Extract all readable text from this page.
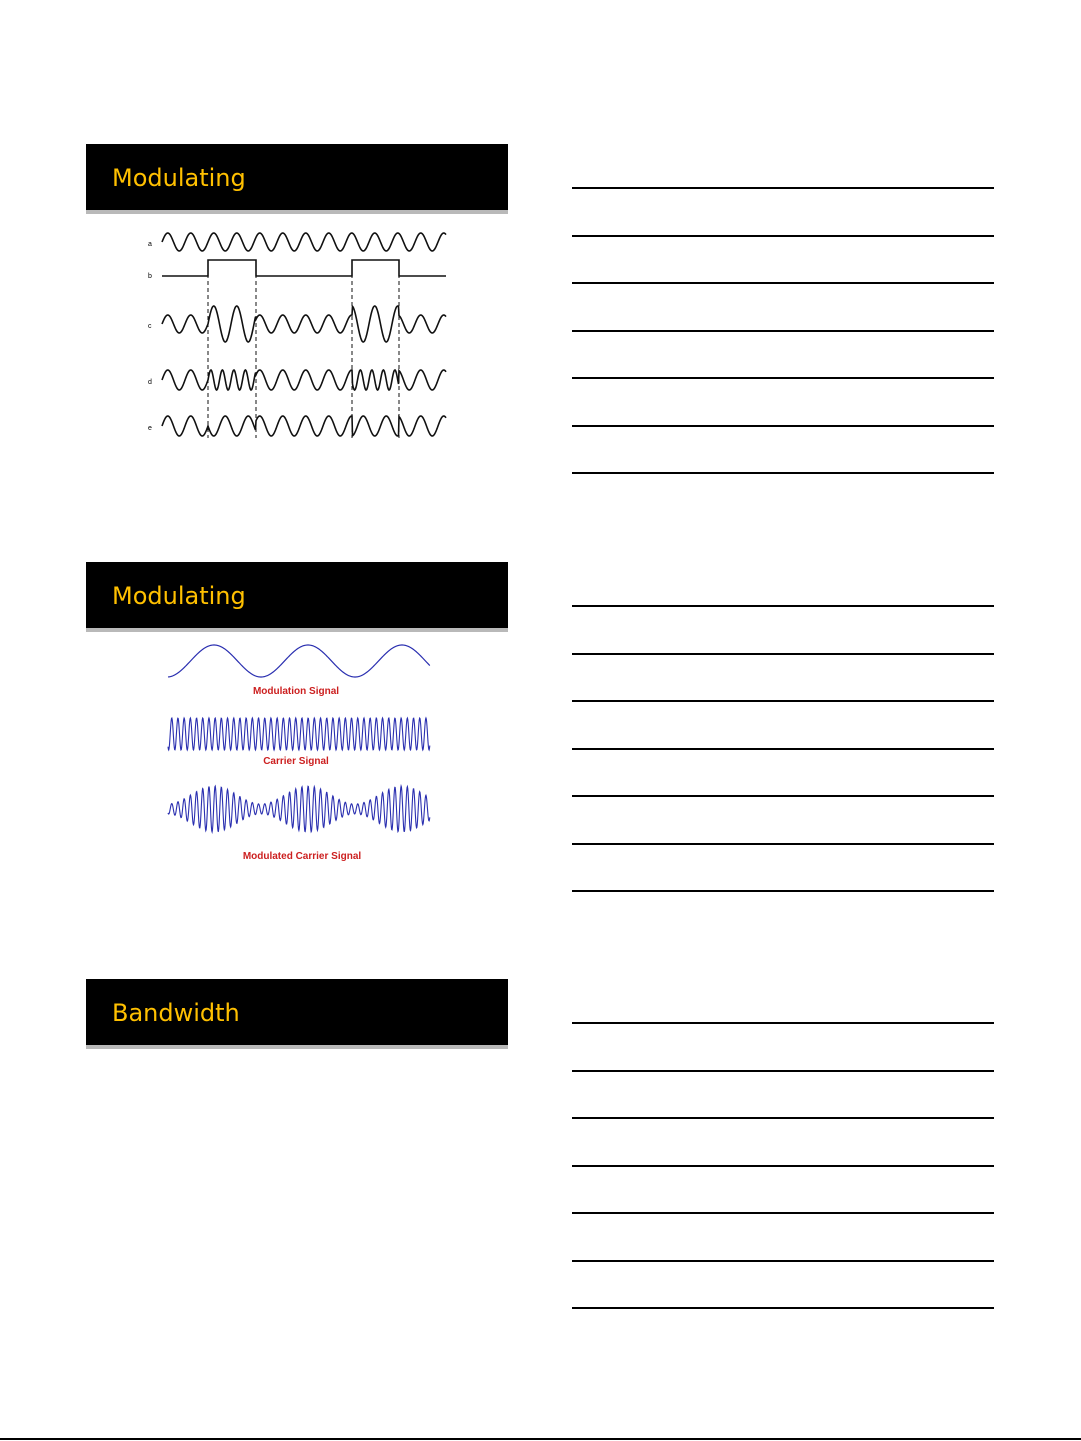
Modulating
a
b
c
d
e
Modulating
Modulation Signal
Carrier Signal
Modulated Carrier Signal
Bandwidth
